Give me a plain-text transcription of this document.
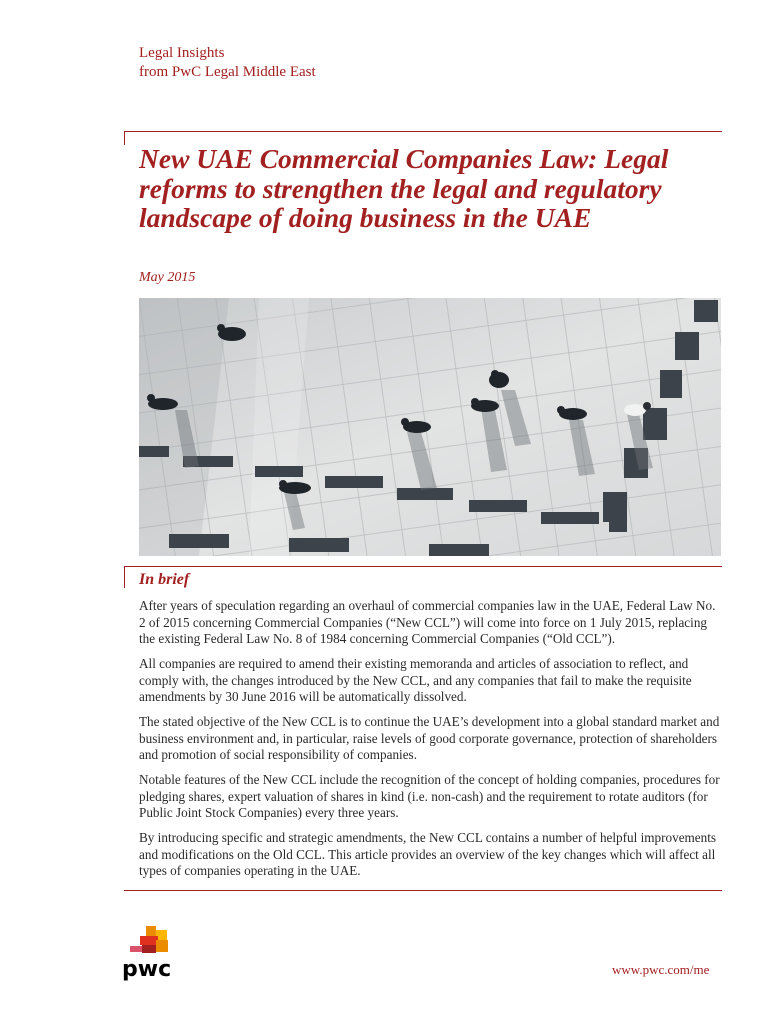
Legal Insights
from PwC Legal Middle East
New UAE Commercial Companies Law: Legal reforms to strengthen the legal and regulatory landscape of doing business in the UAE
May 2015
In brief

After years of speculation regarding an overhaul of commercial companies law in the UAE, Federal Law No. 2 of 2015 concerning Commercial Companies (“New CCL”) will come into force on 1 July 2015, replacing the existing Federal Law No. 8 of 1984 concerning Commercial Companies (“Old CCL”).

All companies are required to amend their existing memoranda and articles of association to reflect, and comply with, the changes introduced by the New CCL, and any companies that fail to make the requisite amendments by 30 June 2016 will be automatically dissolved.

The stated objective of the New CCL is to continue the UAE’s development into a global standard market and business environment and, in particular, raise levels of good corporate governance, protection of shareholders and promotion of social responsibility of companies.

Notable features of the New CCL include the recognition of the concept of holding companies, procedures for pledging shares, expert valuation of shares in kind (i.e. non-cash) and the requirement to rotate auditors (for Public Joint Stock Companies) every three years.

By introducing specific and strategic amendments, the New CCL contains a number of helpful improvements and modifications on the Old CCL. This article provides an overview of the key changes which will affect all types of companies operating in the UAE.

pwc	www.pwc.com/me
